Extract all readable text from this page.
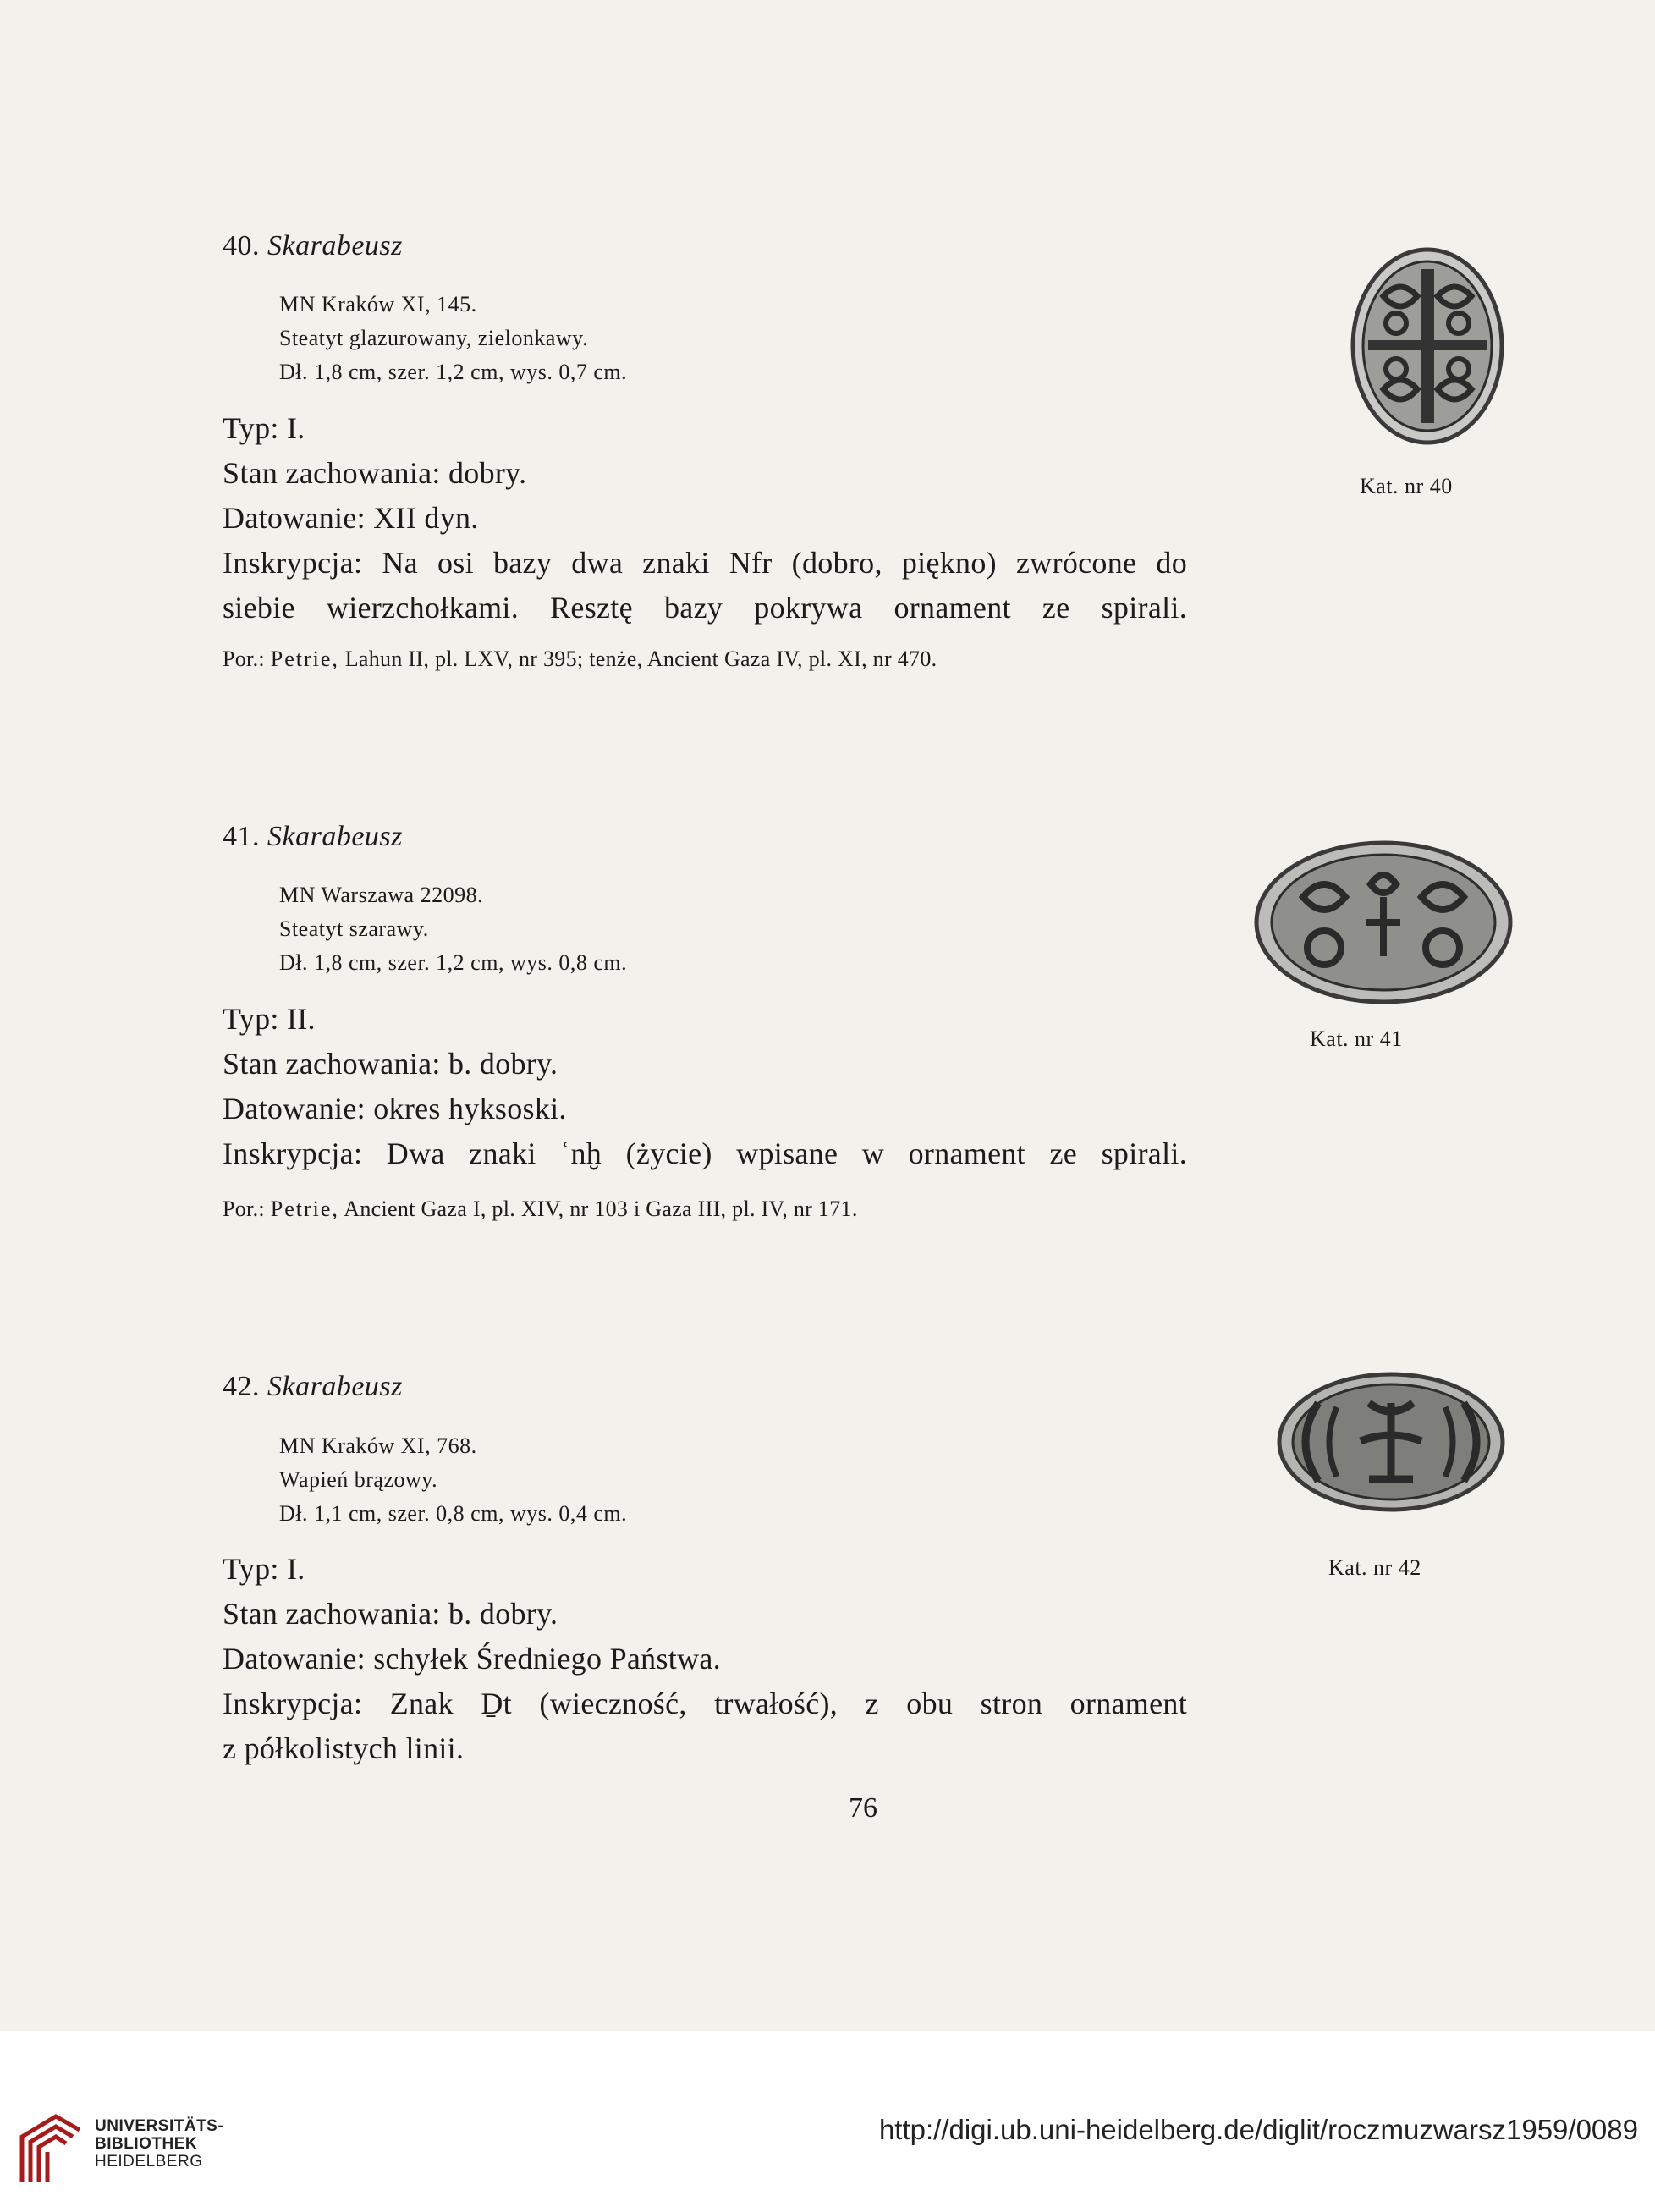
40. Skarabeusz
MN Kraków XI, 145.
Steatyt glazurowany, zielonkawy.
Dł. 1,8 cm, szer. 1,2 cm, wys. 0,7 cm.
Typ: I.
Stan zachowania: dobry.
Datowanie: XII dyn.
Inskrypcja: Na osi bazy dwa znaki Nfr (dobro, piękno) zwrócone do
siebie wierzchołkami. Resztę bazy pokrywa ornament ze spirali.
Por.: Petrie, Lahun II, pl. LXV, nr 395; tenże, Ancient Gaza IV, pl. XI, nr 470.
Kat. nr 40
41. Skarabeusz
MN Warszawa 22098.
Steatyt szarawy.
Dł. 1,8 cm, szer. 1,2 cm, wys. 0,8 cm.
Typ: II.
Stan zachowania: b. dobry.
Datowanie: okres hyksoski.
Inskrypcja: Dwa znaki ʿnḫ (życie) wpisane w ornament ze spirali.
Por.: Petrie, Ancient Gaza I, pl. XIV, nr 103 i Gaza III, pl. IV, nr 171.
Kat. nr 41
42. Skarabeusz
MN Kraków XI, 768.
Wapień brązowy.
Dł. 1,1 cm, szer. 0,8 cm, wys. 0,4 cm.
Typ: I.
Stan zachowania: b. dobry.
Datowanie: schyłek Średniego Państwa.
Inskrypcja: Znak Ḏt (wieczność, trwałość), z obu stron ornament
z półkolistych linii.
Kat. nr 42
76
UNIVERSITÄTS-
BIBLIOTHEK
HEIDELBERG
http://digi.ub.uni-heidelberg.de/diglit/roczmuzwarsz1959/0089
